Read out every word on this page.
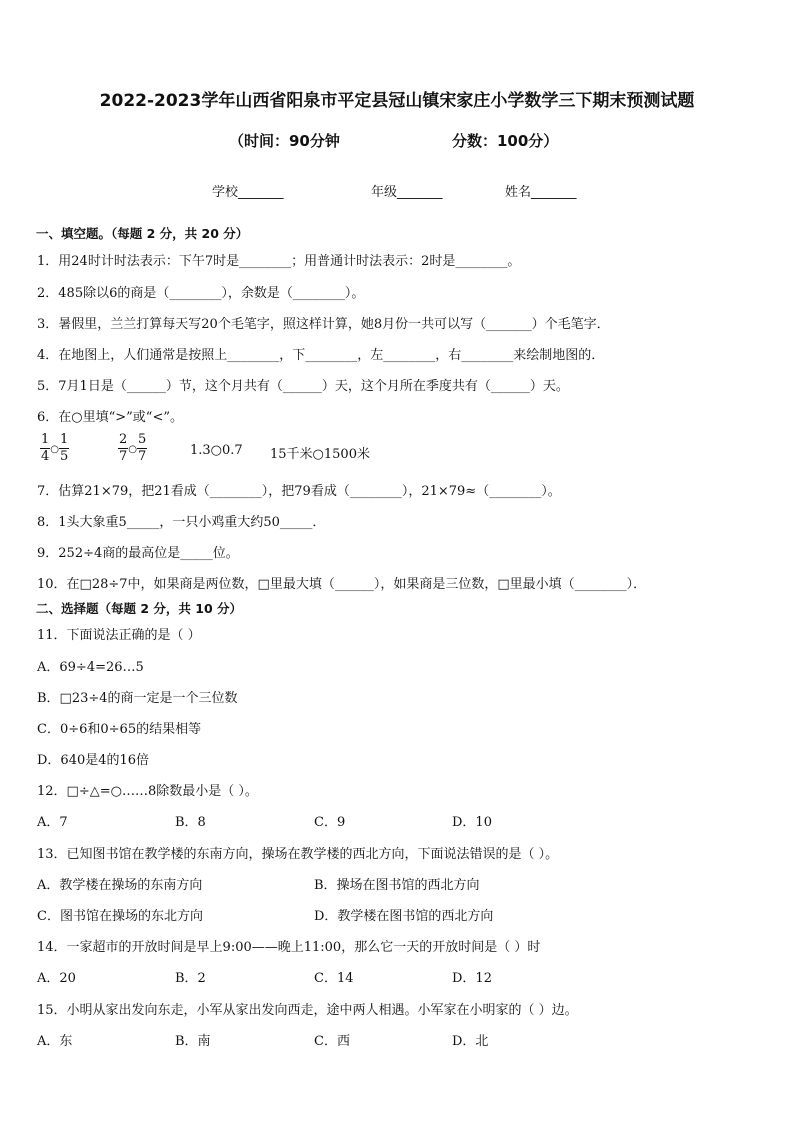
2022-2023学年山西省阳泉市平定县冠山镇宋家庄小学数学三下期末预测试题
（时间：90分钟	分数：100分）
学校_______	年级_______	姓名_______
一、填空题。（每题 2 分，共 20 分）
1．用24时计时法表示：下午7时是________；用普通计时法表示：2时是________。
2．485除以6的商是（________），余数是（________）。
3．暑假里，兰兰打算每天写20个毛笔字，照这样计算，她8月份一共可以写（_______）个毛笔字．
4．在地图上，人们通常是按照上________，下________，左________，右________来绘制地图的．
5．7月1日是（______）节，这个月共有（______）天，这个月所在季度共有（______）天。
6．在○里填“>”或“<”。
$\frac{1}{4}$ ○ $\frac{1}{5}$	$\frac{2}{7}$ ○ $\frac{5}{7}$	1.3○0.7 15千米○1500米
7．估算21×79，把21看成（________），把79看成（________），21×79≈（________）。
8．1头大象重5_____，一只小鸡重大约50_____．
9．252÷4商的最高位是_____位。
10．在□28÷7中，如果商是两位数，□里最大填（______），如果商是三位数，□里最小填（________）．
二、选择题（每题 2 分，共 10 分）
11．下面说法正确的是（ ）
A．69÷4=26…5
B．□23÷4的商一定是一个三位数
C．0÷6和0÷65的结果相等
D．640是4的16倍
12．□÷△=○……8除数最小是（ ）。
A．7	B．8	C．9	D．10
13．已知图书馆在教学楼的东南方向，操场在教学楼的西北方向，下面说法错误的是（ ）。
A．教学楼在操场的东南方向	B．操场在图书馆的西北方向
C．图书馆在操场的东北方向	D．教学楼在图书馆的西北方向
14．一家超市的开放时间是早上9:00——晚上11:00，那么它一天的开放时间是（ ）时
A．20	B．2	C．14	D．12
15．小明从家出发向东走，小军从家出发向西走，途中两人相遇。小军家在小明家的（ ）边。
A．东	B．南	C．西	D．北
